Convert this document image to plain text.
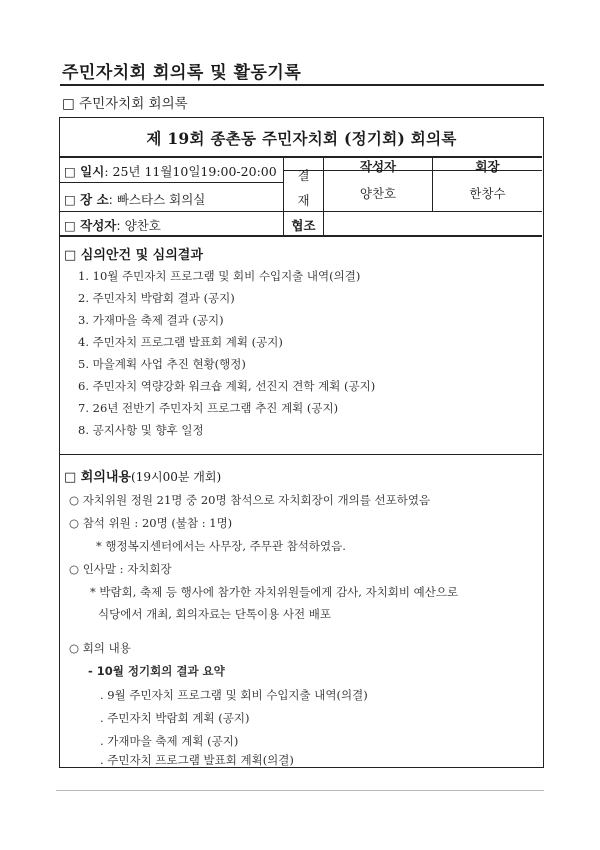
주민자치회 회의록 및 활동기록
□ 주민자치회 회의록
제 19회 종촌동 주민자치회 (정기회) 회의록
□ 일시: 25년 11월10일19:00-20:00
□ 장 소: 빠스타스 회의실
□ 작성자: 양찬호
결
재
작성자	회장
양찬호	한창수
협조
□ 심의안건 및 심의결과
1. 10월 주민자치 프로그램 및 회비 수입지출 내역(의결)
2. 주민자치 박람회 결과 (공지)
3. 가재마을 축제 결과 (공지)
4. 주민자치 프로그램 발표회 계획 (공지)
5. 마을계획 사업 추진 현황(행정)
6. 주민자치 역량강화 워크숍 계획, 선진지 견학 계획 (공지)
7. 26년 전반기 주민자치 프로그램 추진 계획 (공지)
8. 공지사항 및 향후 일정
□ 회의내용(19시00분 개회)
○ 자치위원 정원 21명 중 20명 참석으로 자치회장이 개의를 선포하였음
○ 참석 위원 : 20명 (불참 : 1명)
* 행정복지센터에서는 사무장, 주무관 참석하였음.
○ 인사말 : 자치회장
* 박람회, 축제 등 행사에 참가한 자치위원들에게 감사, 자치회비 예산으로
식당에서 개최, 회의자료는 단톡이용 사전 배포
○ 회의 내용
- 10월 정기회의 결과 요약
. 9월 주민자치 프로그램 및 회비 수입지출 내역(의결)
. 주민자치 박람회 계획 (공지)
. 가재마을 축제 계획 (공지)
. 주민자치 프로그램 발표회 계획(의결)
